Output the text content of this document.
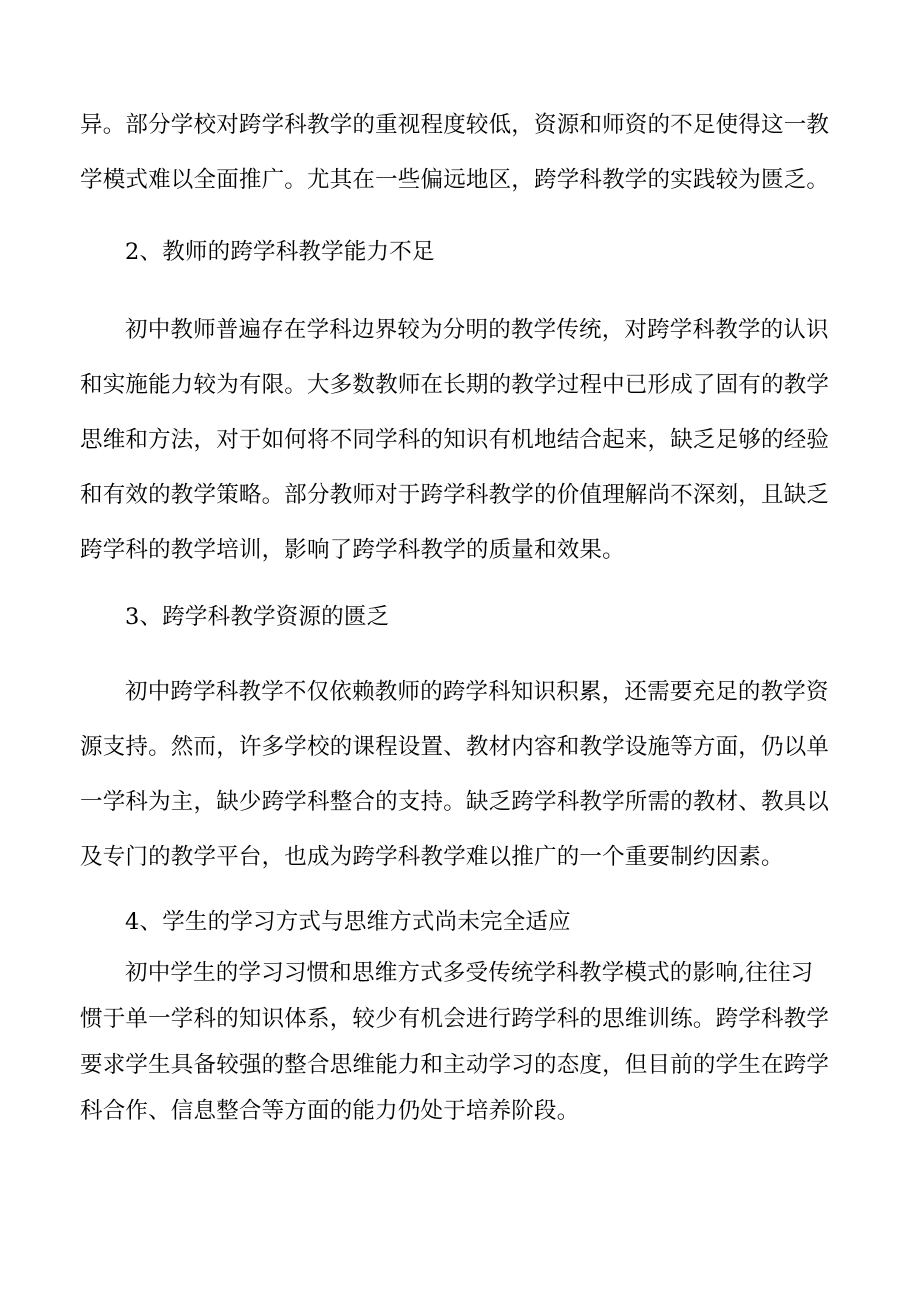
异。部分学校对跨学科教学的重视程度较低，资源和师资的不足使得这一教
学模式难以全面推广。尤其在一些偏远地区，跨学科教学的实践较为匮乏。
2、教师的跨学科教学能力不足
初中教师普遍存在学科边界较为分明的教学传统，对跨学科教学的认识
和实施能力较为有限。大多数教师在长期的教学过程中已形成了固有的教学
思维和方法，对于如何将不同学科的知识有机地结合起来，缺乏足够的经验
和有效的教学策略。部分教师对于跨学科教学的价值理解尚不深刻，且缺乏
跨学科的教学培训，影响了跨学科教学的质量和效果。
3、跨学科教学资源的匮乏
初中跨学科教学不仅依赖教师的跨学科知识积累，还需要充足的教学资
源支持。然而，许多学校的课程设置、教材内容和教学设施等方面，仍以单
一学科为主，缺少跨学科整合的支持。缺乏跨学科教学所需的教材、教具以
及专门的教学平台，也成为跨学科教学难以推广的一个重要制约因素。
4、学生的学习方式与思维方式尚未完全适应
初中学生的学习习惯和思维方式多受传统学科教学模式的影响,往往习
惯于单一学科的知识体系，较少有机会进行跨学科的思维训练。跨学科教学
要求学生具备较强的整合思维能力和主动学习的态度，但目前的学生在跨学
科合作、信息整合等方面的能力仍处于培养阶段。
